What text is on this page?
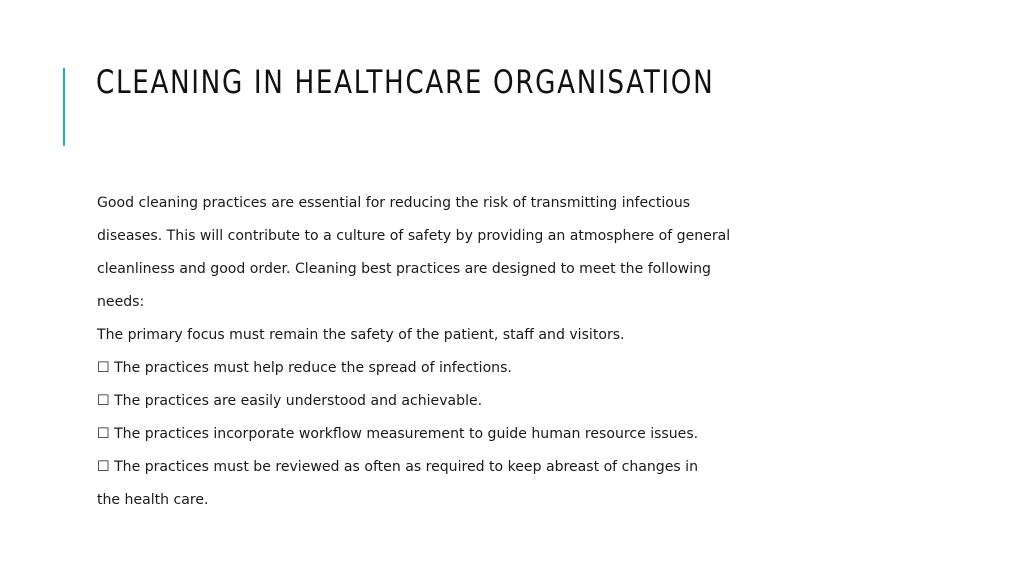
CLEANING IN HEALTHCARE ORGANISATION
Good cleaning practices are essential for reducing the risk of transmitting infectious
diseases. This will contribute to a culture of safety by providing an atmosphere of general
cleanliness and good order. Cleaning best practices are designed to meet the following
needs:
The primary focus must remain the safety of the patient, staff and visitors.
☐ The practices must help reduce the spread of infections.
☐ The practices are easily understood and achievable.
☐ The practices incorporate workflow measurement to guide human resource issues.
☐ The practices must be reviewed as often as required to keep abreast of changes in
the health care.
